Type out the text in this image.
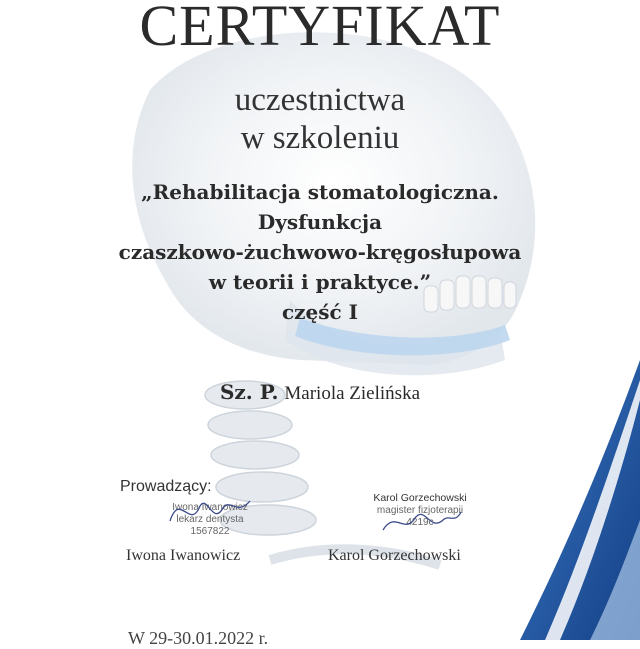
CERTYFIKAT
uczestnictwa
w szkoleniu
„Rehabilitacja stomatologiczna.
Dysfunkcja
czaszkowo-żuchwowo-kręgosłupowa
w teorii i praktyce.”
część I
Sz. P. Mariola Zielińska
Prowadzący:
Iwona Iwanowicz
lekarz dentysta
1567822
Karol Gorzechowski
magister fizjoterapii
4219c
Iwona Iwanowicz	Karol Gorzechowski
W 29-30.01.2022 r.
